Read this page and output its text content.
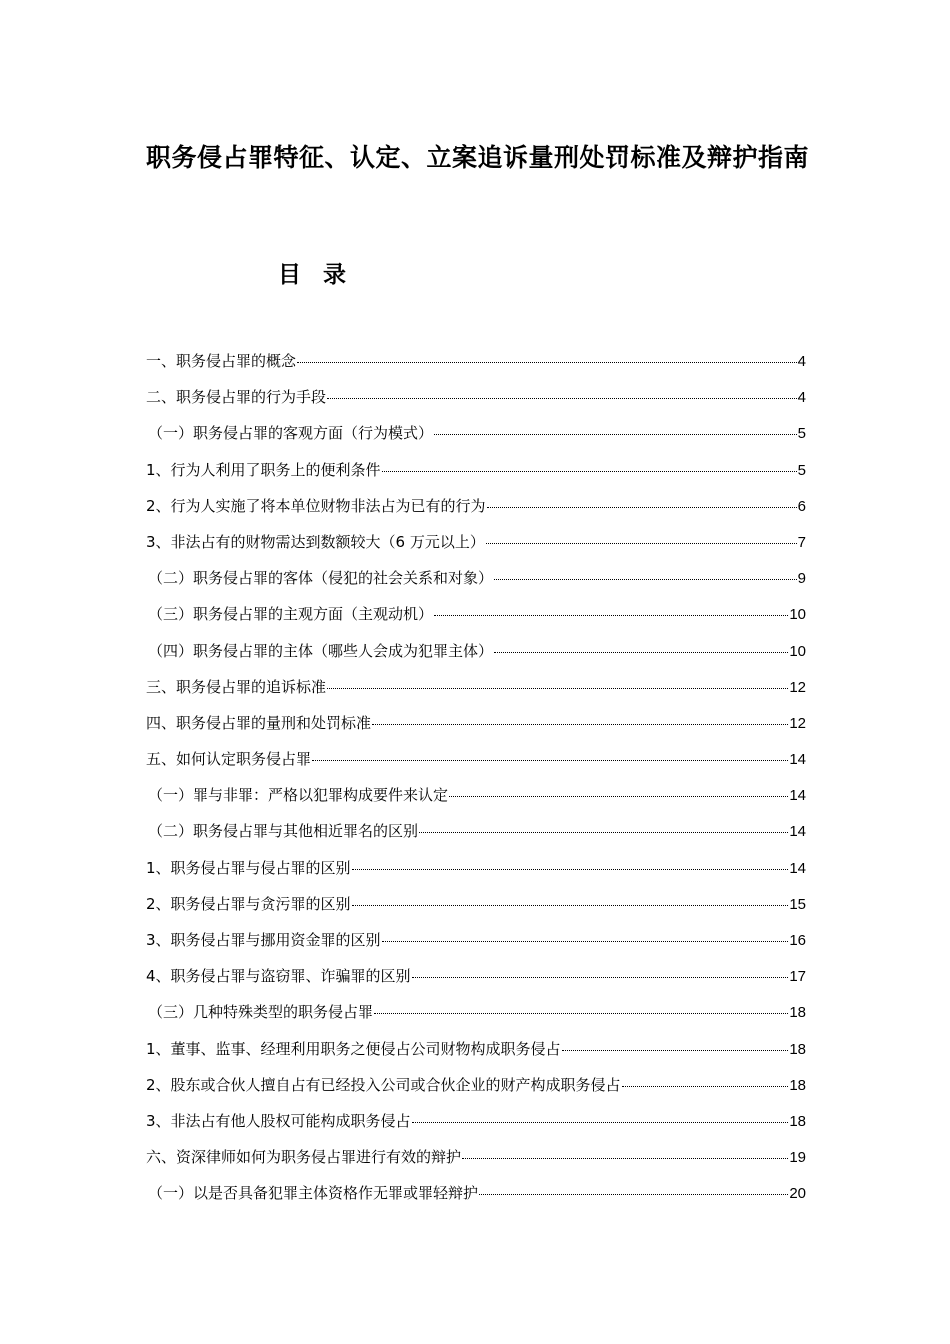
职务侵占罪特征、认定、立案追诉量刑处罚标准及辩护指南
目 录
一、职务侵占罪的概念	4
二、职务侵占罪的行为手段	4
（一）职务侵占罪的客观方面（行为模式）	5
1、行为人利用了职务上的便利条件	5
2、行为人实施了将本单位财物非法占为已有的行为	6
3、非法占有的财物需达到数额较大（6 万元以上）	7
（二）职务侵占罪的客体（侵犯的社会关系和对象）	9
（三）职务侵占罪的主观方面（主观动机）	10
（四）职务侵占罪的主体（哪些人会成为犯罪主体）	10
三、职务侵占罪的追诉标准	12
四、职务侵占罪的量刑和处罚标准	12
五、如何认定职务侵占罪	14
（一）罪与非罪：严格以犯罪构成要件来认定	14
（二）职务侵占罪与其他相近罪名的区别	14
1、职务侵占罪与侵占罪的区别	14
2、职务侵占罪与贪污罪的区别	15
3、职务侵占罪与挪用资金罪的区别	16
4、职务侵占罪与盗窃罪、诈骗罪的区别	17
（三）几种特殊类型的职务侵占罪	18
1、董事、监事、经理利用职务之便侵占公司财物构成职务侵占	18
2、股东或合伙人擅自占有已经投入公司或合伙企业的财产构成职务侵占	18
3、非法占有他人股权可能构成职务侵占	18
六、资深律师如何为职务侵占罪进行有效的辩护	19
（一）以是否具备犯罪主体资格作无罪或罪轻辩护	20
